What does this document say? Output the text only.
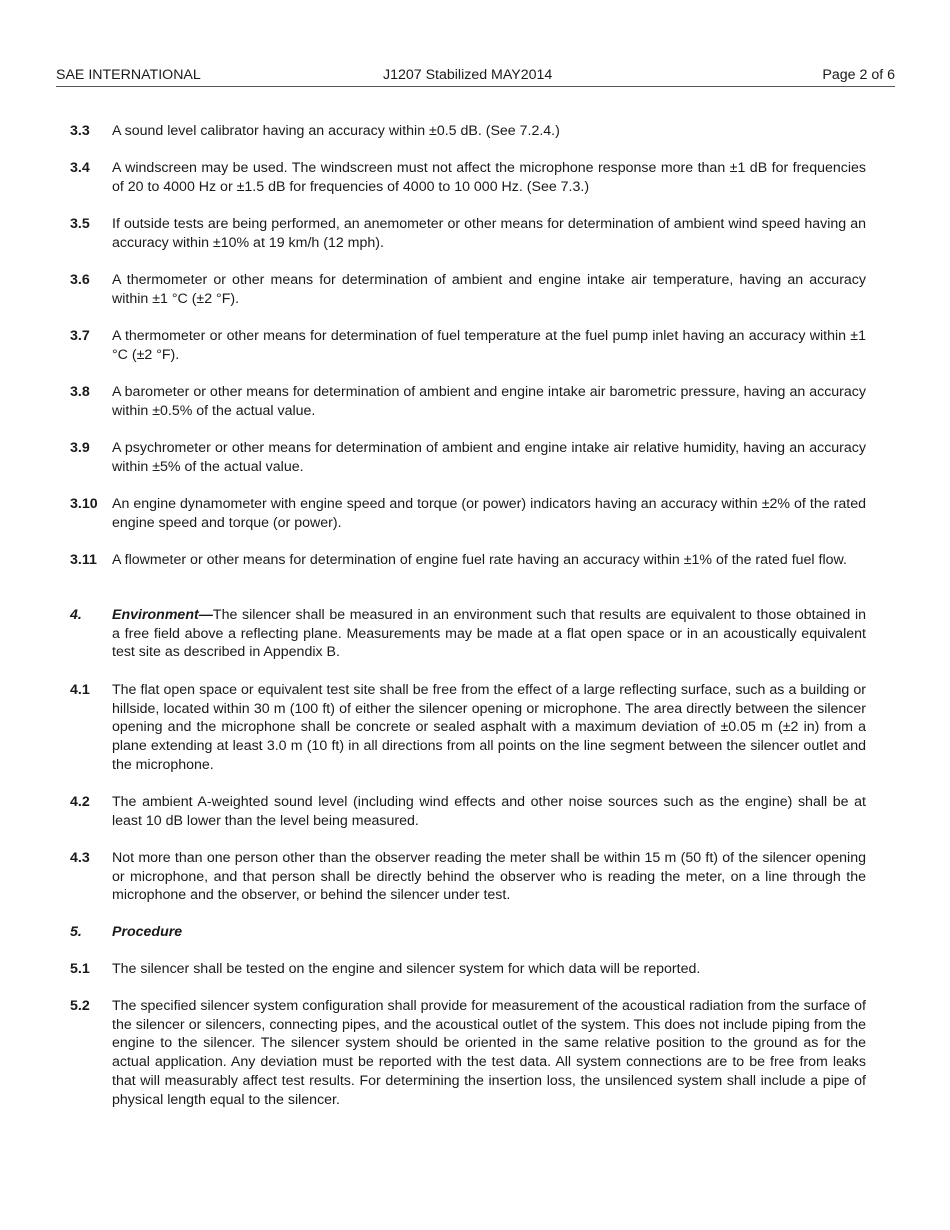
SAE INTERNATIONAL	J1207 Stabilized MAY2014	Page 2 of 6
3.3 A sound level calibrator having an accuracy within ±0.5 dB. (See 7.2.4.)
3.4 A windscreen may be used. The windscreen must not affect the microphone response more than ±1 dB for frequencies of 20 to 4000 Hz or ±1.5 dB for frequencies of 4000 to 10 000 Hz. (See 7.3.)
3.5 If outside tests are being performed, an anemometer or other means for determination of ambient wind speed having an accuracy within ±10% at 19 km/h (12 mph).
3.6 A thermometer or other means for determination of ambient and engine intake air temperature, having an accuracy within ±1 °C (±2 °F).
3.7 A thermometer or other means for determination of fuel temperature at the fuel pump inlet having an accuracy within ±1 °C (±2 °F).
3.8 A barometer or other means for determination of ambient and engine intake air barometric pressure, having an accuracy within ±0.5% of the actual value.
3.9 A psychrometer or other means for determination of ambient and engine intake air relative humidity, having an accuracy within ±5% of the actual value.
3.10 An engine dynamometer with engine speed and torque (or power) indicators having an accuracy within ±2% of the rated engine speed and torque (or power).
3.11 A flowmeter or other means for determination of engine fuel rate having an accuracy within ±1% of the rated fuel flow.
4. Environment—The silencer shall be measured in an environment such that results are equivalent to those obtained in a free field above a reflecting plane. Measurements may be made at a flat open space or in an acoustically equivalent test site as described in Appendix B.
4.1 The flat open space or equivalent test site shall be free from the effect of a large reflecting surface, such as a building or hillside, located within 30 m (100 ft) of either the silencer opening or microphone. The area directly between the silencer opening and the microphone shall be concrete or sealed asphalt with a maximum deviation of ±0.05 m (±2 in) from a plane extending at least 3.0 m (10 ft) in all directions from all points on the line segment between the silencer outlet and the microphone.
4.2 The ambient A-weighted sound level (including wind effects and other noise sources such as the engine) shall be at least 10 dB lower than the level being measured.
4.3 Not more than one person other than the observer reading the meter shall be within 15 m (50 ft) of the silencer opening or microphone, and that person shall be directly behind the observer who is reading the meter, on a line through the microphone and the observer, or behind the silencer under test.
5. Procedure
5.1 The silencer shall be tested on the engine and silencer system for which data will be reported.
5.2 The specified silencer system configuration shall provide for measurement of the acoustical radiation from the surface of the silencer or silencers, connecting pipes, and the acoustical outlet of the system. This does not include piping from the engine to the silencer. The silencer system should be oriented in the same relative position to the ground as for the actual application. Any deviation must be reported with the test data. All system connections are to be free from leaks that will measurably affect test results. For determining the insertion loss, the unsilenced system shall include a pipe of physical length equal to the silencer.
